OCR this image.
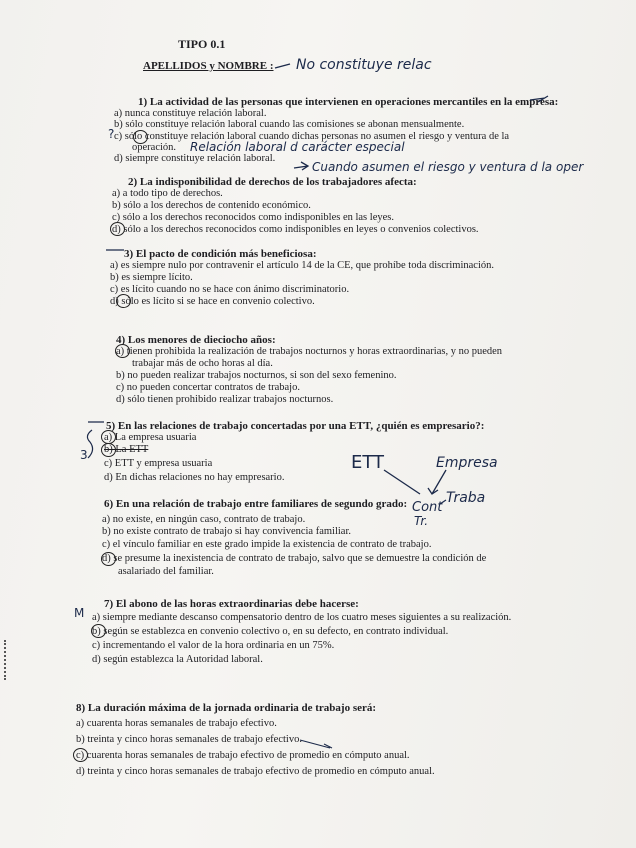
TIPO 0.1
APELLIDOS y NOMBRE : No constituye relac
1) La actividad de las personas que intervienen en operaciones mercantiles en la empresa:
a) nunca constituye relación laboral.
b) sólo constituye relación laboral cuando las comisiones se abonan mensualmente.
c) sólo constituye relación laboral cuando dichas personas no asumen el riesgo y ventura de la
operación. Relación laboral d carácter especial
d) siempre constituye relación laboral.
Cuando asumen el riesgo y ventura d la oper
?
2) La indisponibilidad de derechos de los trabajadores afecta:
a) a todo tipo de derechos.
b) sólo a los derechos de contenido económico.
c) sólo a los derechos reconocidos como indisponibles en las leyes.
d) sólo a los derechos reconocidos como indisponibles en leyes o convenios colectivos.
3) El pacto de condición más beneficiosa:
a) es siempre nulo por contravenir el artículo 14 de la CE, que prohíbe toda discriminación.
b) es siempre lícito.
c) es lícito cuando no se hace con ánimo discriminatorio.
d) sólo es lícito si se hace en convenio colectivo.
4) Los menores de dieciocho años:
a) tienen prohibida la realización de trabajos nocturnos y horas extraordinarias, y no pueden
trabajar más de ocho horas al día.
b) no pueden realizar trabajos nocturnos, si son del sexo femenino.
c) no pueden concertar contratos de trabajo.
d) sólo tienen prohibido realizar trabajos nocturnos.
5) En las relaciones de trabajo concertadas por una ETT, ¿quién es empresario?:
a) La empresa usuaria
b) La ETT
c) ETT y empresa usuaria
d) En dichas relaciones no hay empresario.
ETT	Empresa
Cont
Tr.
Traba
3
6) En una relación de trabajo entre familiares de segundo grado:
a) no existe, en ningún caso, contrato de trabajo.
b) no existe contrato de trabajo si hay convivencia familiar.
c) el vínculo familiar en este grado impide la existencia de contrato de trabajo.
d) se presume la inexistencia de contrato de trabajo, salvo que se demuestre la condición de
asalariado del familiar.
7) El abono de las horas extraordinarias debe hacerse:
a) siempre mediante descanso compensatorio dentro de los cuatro meses siguientes a su realización.
b) según se establezca en convenio colectivo o, en su defecto, en contrato individual.
c) incrementando el valor de la hora ordinaria en un 75%.
d) según establezca la Autoridad laboral.
M
8) La duración máxima de la jornada ordinaria de trabajo será:
a) cuarenta horas semanales de trabajo efectivo.
b) treinta y cinco horas semanales de trabajo efectivo.
c) cuarenta horas semanales de trabajo efectivo de promedio en cómputo anual.
d) treinta y cinco horas semanales de trabajo efectivo de promedio en cómputo anual.
